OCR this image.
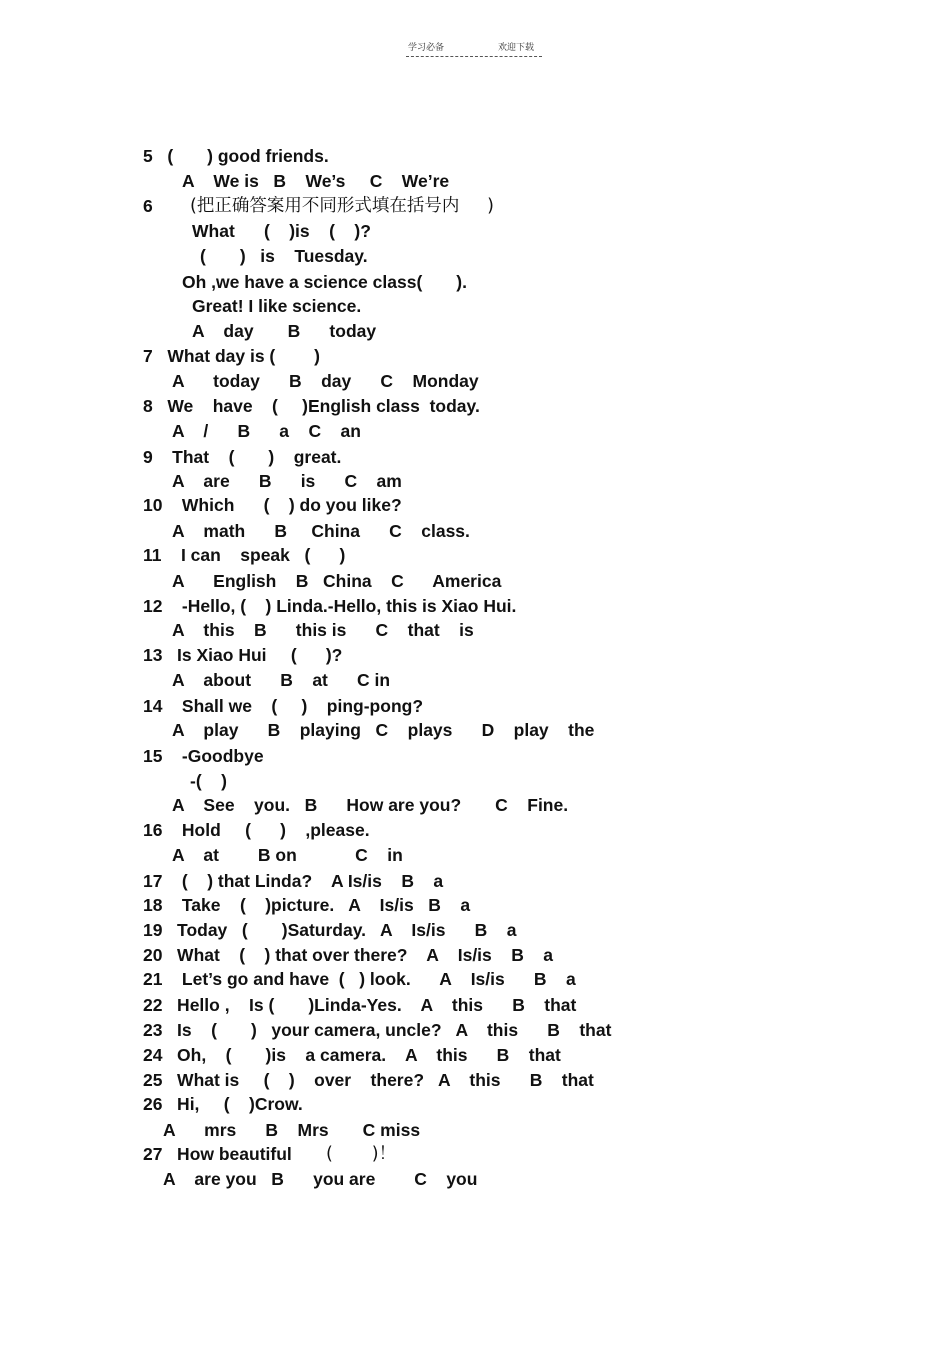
学习必备	欢迎下载
5   (       ) good friends.
A    We is   B    We’s     C    We’re
6 (把正确答案用不同形式填在括号内     )
What      (    )is    (    )?
(       )   is    Tuesday.
Oh ,we have a science class(       ).
Great! I like science.
A    day       B      today
7   What day is (        )
A      today      B    day      C    Monday
8   We    have    (     )English class  today.
A    /      B      a    C    an
9    That    (       )    great.
A    are      B      is      C    am
10    Which      (    ) do you like?
A    math      B     China      C    class.
11    I can    speak   (      )
A      English    B   China    C      America
12    -Hello, (    ) Linda.-Hello, this is Xiao Hui.
A    this    B      this is      C    that    is
13   Is Xiao Hui     (      )?
A    about      B    at      C in
14    Shall we    (     )    ping-pong?
A    play      B    playing   C    plays      D    play    the
15    -Goodbye
-(    )
A    See    you.   B      How are you?       C    Fine.
16    Hold     (      )    ,please.
A    at        B on            C    in
17    (    ) that Linda?    A Is/is    B    a
18    Take    (    )picture.   A    Is/is   B    a
19   Today   (       )Saturday.   A    Is/is      B    a
20   What    (    ) that over there?    A    Is/is    B    a
21    Let’s go and have  (   ) look.      A    Is/is      B    a
22   Hello ,    Is (       )Linda-Yes.    A    this      B    that
23   Is    (       )   your camera, uncle?   A    this      B    that
24   Oh,    (       )is    a camera.    A    this      B    that
25   What is     (    )    over    there?   A    this      B    that
26   Hi,     (    )Crow.
A      mrs      B    Mrs       C miss
27   How beautiful (       )！
A    are you   B      you are        C    you
